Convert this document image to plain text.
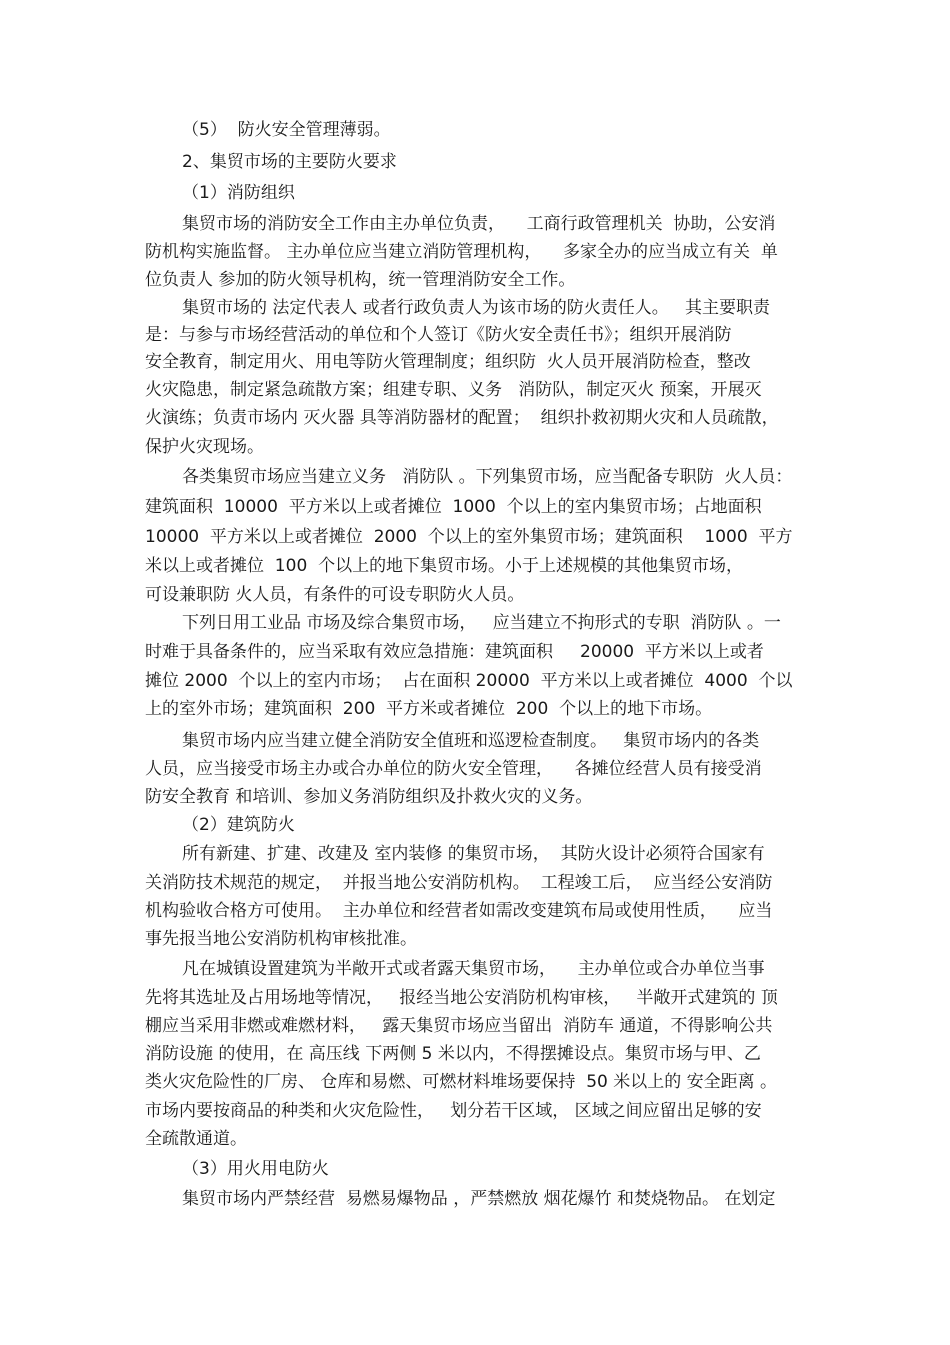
（5）  防火安全管理薄弱。
2、集贸市场的主要防火要求
（1）消防组织
集贸市场的消防安全工作由主办单位负责，    工商行政管理机关  协助，公安消
防机构实施监督。 主办单位应当建立消防管理机构，    多家全办的应当成立有关  单
位负责人 参加的防火领导机构，统一管理消防安全工作。
集贸市场的 法定代表人 或者行政负责人为该市场的防火责任人。   其主要职责
是：与参与市场经营活动的单位和个人签订《防火安全责任书》；组织开展消防
安全教育，制定用火、用电等防火管理制度；组织防  火人员开展消防检查，整改
火灾隐患，制定紧急疏散方案；组建专职、义务   消防队，制定灭火 预案，开展灭
火演练；负责市场内 灭火器 具等消防器材的配置；  组织扑救初期火灾和人员疏散，
保护火灾现场。
各类集贸市场应当建立义务   消防队 。下列集贸市场，应当配备专职防  火人员：
建筑面积  10000  平方米以上或者摊位  1000  个以上的室内集贸市场；占地面积
10000  平方米以上或者摊位  2000  个以上的室外集贸市场；建筑面积    1000  平方
米以上或者摊位  100  个以上的地下集贸市场。小于上述规模的其他集贸市场，
可设兼职防 火人员，有条件的可设专职防火人员。
下列日用工业品 市场及综合集贸市场，   应当建立不拘形式的专职  消防队 。一
时难于具备条件的，应当采取有效应急措施：建筑面积     20000  平方米以上或者
摊位 2000  个以上的室内市场；  占在面积 20000  平方米以上或者摊位  4000  个以
上的室外市场；建筑面积  200  平方米或者摊位  200  个以上的地下市场。
集贸市场内应当建立健全消防安全值班和巡逻检查制度。   集贸市场内的各类
人员，应当接受市场主办或合办单位的防火安全管理，    各摊位经营人员有接受消
防安全教育 和培训、参加义务消防组织及扑救火灾的义务。
（2）建筑防火
所有新建、扩建、改建及 室内装修 的集贸市场，  其防火设计必须符合国家有
关消防技术规范的规定，  并报当地公安消防机构。  工程竣工后，  应当经公安消防
机构验收合格方可使用。  主办单位和经营者如需改变建筑布局或使用性质，    应当
事先报当地公安消防机构审核批准。
凡在城镇设置建筑为半敞开式或者露天集贸市场，    主办单位或合办单位当事
先将其选址及占用场地等情况，   报经当地公安消防机构审核，   半敞开式建筑的 顶
棚应当采用非燃或难燃材料，   露天集贸市场应当留出  消防车 通道，不得影响公共
消防设施 的使用，在 高压线 下两侧 5 米以内，不得摆摊设点。集贸市场与甲、乙
类火灾危险性的厂房、 仓库和易燃、可燃材料堆场要保持  50 米以上的 安全距离 。
市场内要按商品的种类和火灾危险性，   划分若干区域， 区域之间应留出足够的安
全疏散通道。
（3）用火用电防火
集贸市场内严禁经营  易燃易爆物品 ，严禁燃放 烟花爆竹 和焚烧物品。 在划定
